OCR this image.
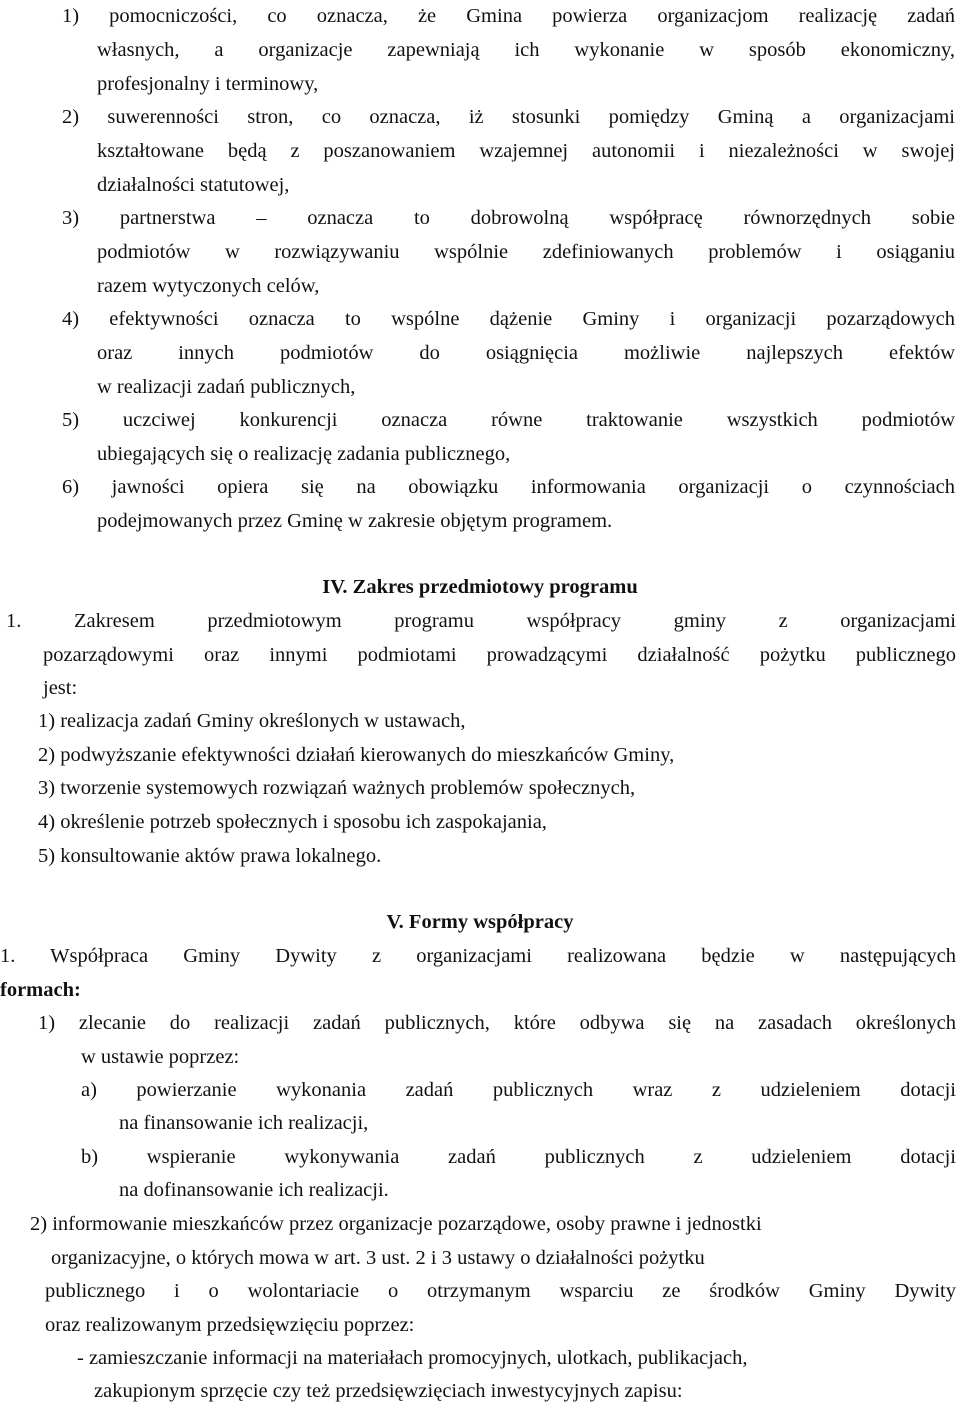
1) pomocniczości, co oznacza, że Gmina powierza organizacjom realizację zadań
własnych, a organizacje zapewniają ich wykonanie w sposób ekonomiczny,
profesjonalny i terminowy,
2) suwerenności stron, co oznacza, iż stosunki pomiędzy Gminą a organizacjami
kształtowane będą z poszanowaniem wzajemnej autonomii i niezależności w swojej
działalności statutowej,
3) partnerstwa – oznacza to dobrowolną współpracę równorzędnych sobie
podmiotów w rozwiązywaniu wspólnie zdefiniowanych problemów i osiąganiu
razem wytyczonych celów,
4) efektywności oznacza to wspólne dążenie Gminy i organizacji pozarządowych
oraz innych podmiotów do osiągnięcia możliwie najlepszych efektów
w realizacji zadań publicznych,
5) uczciwej konkurencji oznacza równe traktowanie wszystkich podmiotów
ubiegających się o realizację zadania publicznego,
6) jawności opiera się na obowiązku informowania organizacji o czynnościach
podejmowanych przez Gminę w zakresie objętym programem.
IV. Zakres przedmiotowy programu
1. Zakresem przedmiotowym programu współpracy gminy z organizacjami
pozarządowymi oraz innymi podmiotami prowadzącymi działalność pożytku publicznego
jest:
1) realizacja zadań Gminy określonych w ustawach,
2) podwyższanie efektywności działań kierowanych do mieszkańców Gminy,
3) tworzenie systemowych rozwiązań ważnych problemów społecznych,
4) określenie potrzeb społecznych i sposobu ich zaspokajania,
5) konsultowanie aktów prawa lokalnego.
V. Formy współpracy
1. Współpraca Gminy Dywity z organizacjami realizowana będzie w następujących
formach:
1) zlecanie do realizacji zadań publicznych, które odbywa się na zasadach określonych
w ustawie poprzez:
a) powierzanie wykonania zadań publicznych wraz z udzieleniem dotacji
na finansowanie ich realizacji,
b) wspieranie wykonywania zadań publicznych z udzieleniem dotacji
na dofinansowanie ich realizacji.
2) informowanie mieszkańców przez organizacje pozarządowe, osoby prawne i jednostki
organizacyjne, o których mowa w art. 3 ust. 2 i 3 ustawy o działalności pożytku
publicznego i o wolontariacie o otrzymanym wsparciu ze środków Gminy Dywity
oraz realizowanym przedsięwzięciu poprzez:
- zamieszczanie informacji na materiałach promocyjnych, ulotkach, publikacjach,
zakupionym sprzęcie czy też przedsięwzięciach inwestycyjnych zapisu:
